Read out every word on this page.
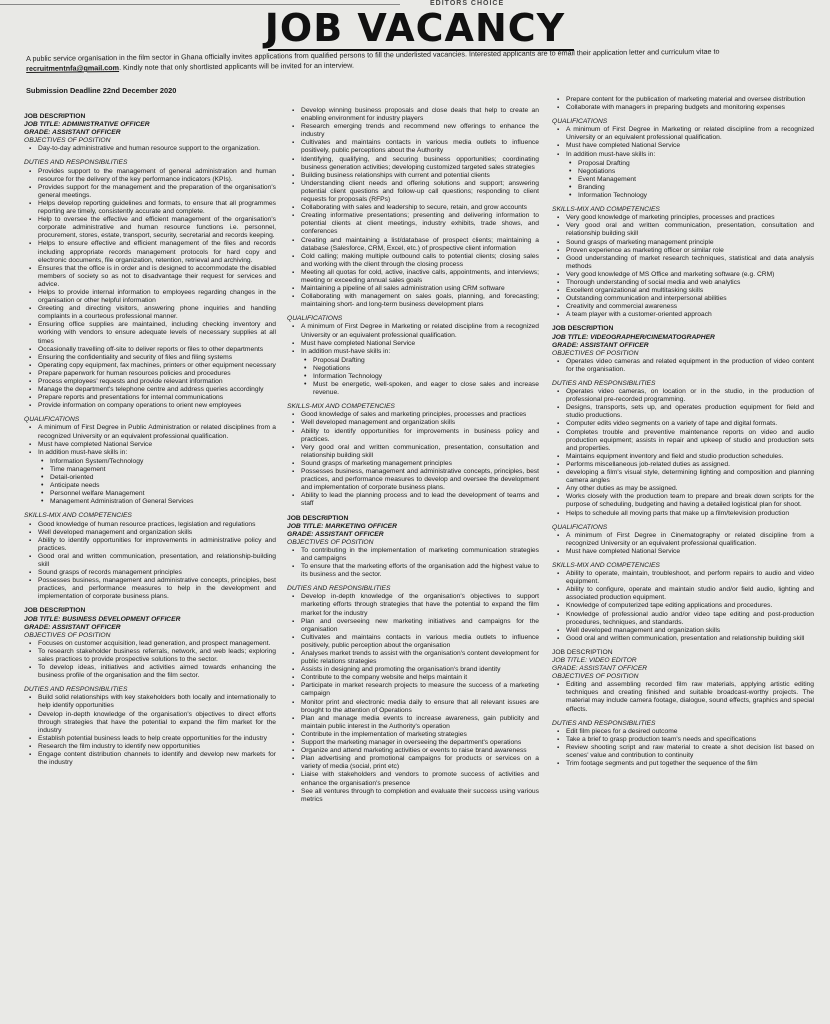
EDITORS CHOICE
JOB VACANCY
A public service organisation in the film sector in Ghana officially invites applications from qualified persons to fill the underlisted vacancies. Interested applicants are to email their application letter and curriculum vitae to recruitmentnfa@gmail.com. Kindly note that only shortlisted applicants will be invited for an interview.
Submission Deadline 22nd December 2020
JOB DESCRIPTION
JOB TITLE: ADMINISTRATIVE OFFICER
GRADE: ASSISTANT OFFICER
OBJECTIVES OF POSITION
▪ Day-to-day administrative and human resource support to the organization.
DUTIES AND RESPONSIBILITIES
▪ Provides support to the management of general administration and human resource for the delivery of the key performance indicators (KPIs).
▪ Provides support for the management and the preparation of the organisation's general meetings.
▪ Helps develop reporting guidelines and formats, to ensure that all programmes reporting are timely, consistently accurate and complete.
▪ Help to oversee the effective and efficient management of the organisation's corporate administrative and human resource functions i.e. personnel, procurement, stores, estate, transport, security, secretarial and records keeping.
▪ Helps to ensure effective and efficient management of the files and records including appropriate records management protocols for hard copy and electronic documents, file organization, retention, retrieval and archiving.
▪ Ensures that the office is in order and is designed to accommodate the disabled members of society so as not to disadvantage their request for services and advice.
▪ Helps to provide internal information to employees regarding changes in the organisation or other helpful information
▪ Greeting and directing visitors, answering phone inquiries and handling complaints in a courteous professional manner.
▪ Ensuring office supplies are maintained, including checking inventory and working with vendors to ensure adequate levels of necessary supplies at all times
▪ Occasionally travelling off-site to deliver reports or files to other departments
▪ Ensuring the confidentiality and security of files and filing systems
▪ Operating copy equipment, fax machines, printers or other equipment necessary
▪ Prepare paperwork for human resources policies and procedures
▪ Process employees' requests and provide relevant information
▪ Manage the department's telephone centre and address queries accordingly
▪ Prepare reports and presentations for internal communications
▪ Provide information on company operations to orient new employees
QUALIFICATIONS
▪ A minimum of First Degree in Public Administration or related disciplines from a recognized University or an equivalent professional qualification.
▪ Must have completed National Service
▪ In addition must-have skills in:
• Information System/Technology
• Time management
• Detail-oriented
• Anticipate needs
• Personnel welfare Management
• Management Administration of General Services
SKILLS-MIX AND COMPETENCIES
▪ Good knowledge of human resource practices, legislation and regulations
▪ Well developed management and organization skills
▪ Ability to identify opportunities for improvements in administrative policy and practices.
▪ Good oral and written communication, presentation, and relationship-building skill
▪ Sound grasps of records management principles
▪ Possesses business, management and administrative concepts, principles, best practices, and performance measures to help in the development and implementation of corporate business plans.
JOB DESCRIPTION
JOB TITLE: BUSINESS DEVELOPMENT OFFICER
GRADE: ASSISTANT OFFICER
OBJECTIVES OF POSITION
▪ Focuses on customer acquisition, lead generation, and prospect management.
▪ To research stakeholder business referrals, network, and web leads; exploring sales practices to provide prospective solutions to the sector.
▪ To develop ideas, initiatives and activities aimed towards enhancing the business profile of the organisation and the film sector.
DUTIES AND RESPONSIBILITIES
▪ Build solid relationships with key stakeholders both locally and internationally to help identify opportunities
▪ Develop in-depth knowledge of the organisation's objectives to direct efforts through strategies that have the potential to expand the film market for the industry
▪ Establish potential business leads to help create opportunities for the industry
▪ Research the film industry to identify new opportunities
▪ Engage content distribution channels to identify and develop new markets for the industry
▪ Develop winning business proposals and close deals that help to create an enabling environment for industry players
▪ Research emerging trends and recommend new offerings to enhance the industry
▪ Cultivates and maintains contacts in various media outlets to influence positively, public perceptions about the Authority
▪ Identifying, qualifying, and securing business opportunities; coordinating business generation activities; developing customized targeted sales strategies
▪ Building business relationships with current and potential clients
▪ Understanding client needs and offering solutions and support; answering potential client questions and follow-up call questions; responding to client requests for proposals (RFPs)
▪ Collaborating with sales and leadership to secure, retain, and grow accounts
▪ Creating informative presentations; presenting and delivering information to potential clients at client meetings, industry exhibits, trade shows, and conferences
▪ Creating and maintaining a list/database of prospect clients; maintaining a database (Salesforce, CRM, Excel, etc.) of prospective client information
▪ Cold calling; making multiple outbound calls to potential clients; closing sales and working with the client through the closing process
▪ Meeting all quotas for cold, active, inactive calls, appointments, and interviews; meeting or exceeding annual sales goals
▪ Maintaining a pipeline of all sales administration using CRM software
▪ Collaborating with management on sales goals, planning, and forecasting; maintaining short- and long-term business development plans
QUALIFICATIONS
▪ A minimum of First Degree in Marketing or related discipline from a recognized University or an equivalent professional qualification.
▪ Must have completed National Service
▪ In addition must-have skills in:
• Proposal Drafting
• Negotiations
• Information Technology
• Must be energetic, well-spoken, and eager to close sales and increase revenue.
SKILLS-MIX AND COMPETENCIES
▪ Good knowledge of sales and marketing principles, processes and practices
▪ Well developed management and organization skills
▪ Ability to identify opportunities for improvements in business policy and practices.
▪ Very good oral and written communication, presentation, consultation and relationship building skill
▪ Sound grasps of marketing management principles
▪ Possesses business, management and administrative concepts, principles, best practices, and performance measures to develop and oversee the development and implementation of corporate business plans.
▪ Ability to lead the planning process and to lead the development of teams and staff
JOB DESCRIPTION
JOB TITLE: MARKETING OFFICER
GRADE: ASSISTANT OFFICER
OBJECTIVES OF POSITION
▪ To contributing in the implementation of marketing communication strategies and campaigns
▪ To ensure that the marketing efforts of the organisation add the highest value to its business and the sector.
DUTIES AND RESPONSIBILITIES
▪ Develop in-depth knowledge of the organisation's objectives to support marketing efforts through strategies that have the potential to expand the film market for the industry
▪ Plan and overseeing new marketing initiatives and campaigns for the organisation
▪ Cultivates and maintains contacts in various media outlets to influence positively, public perception about the organisation
▪ Analyses market trends to assist with the organisation's content development for public relations strategies
▪ Assists in designing and promoting the organisation's brand identity
▪ Contribute to the company website and helps maintain it
▪ Participate in market research projects to measure the success of a marketing campaign
▪ Monitor print and electronic media daily to ensure that all relevant issues are brought to the attention of Operations
▪ Plan and manage media events to increase awareness, gain publicity and maintain public interest in the Authority's operation
▪ Contribute in the implementation of marketing strategies
▪ Support the marketing manager in overseeing the department's operations
▪ Organize and attend marketing activities or events to raise brand awareness
▪ Plan advertising and promotional campaigns for products or services on a variety of media (social, print etc)
▪ Liaise with stakeholders and vendors to promote success of activities and enhance the organisation's presence
▪ See all ventures through to completion and evaluate their success using various metrics
▪ Prepare content for the publication of marketing material and oversee distribution
▪ Collaborate with managers in preparing budgets and monitoring expenses
QUALIFICATIONS
▪ A minimum of First Degree in Marketing or related discipline from a recognized University or an equivalent professional qualification.
▪ Must have completed National Service
▪ In addition must-have skills in:
• Proposal Drafting
• Negotiations
• Event Management
• Branding
• Information Technology
SKILLS-MIX AND COMPETENCIES
▪ Very good knowledge of marketing principles, processes and practices
▪ Very good oral and written communication, presentation, consultation and relationship building skill
▪ Sound grasps of marketing management principle
▪ Proven experience as marketing officer or similar role
▪ Good understanding of market research techniques, statistical and data analysis methods
▪ Very good knowledge of MS Office and marketing software (e.g. CRM)
▪ Thorough understanding of social media and web analytics
▪ Excellent organizational and multitasking skills
▪ Outstanding communication and interpersonal abilities
▪ Creativity and commercial awareness
▪ A team player with a customer-oriented approach
JOB DESCRIPTION
JOB TITLE: VIDEOGRAPHER/CINEMATOGRAPHER
GRADE: ASSISTANT OFFICER
OBJECTIVES OF POSITION
▪ Operates video cameras and related equipment in the production of video content for the organisation.
DUTIES AND RESPONSIBILITIES
▪ Operates video cameras, on location or in the studio, in the production of professional pre-recorded programming.
▪ Designs, transports, sets up, and operates production equipment for field and studio productions.
▪ Computer edits video segments on a variety of tape and digital formats.
▪ Completes trouble and preventive maintenance reports on video and audio production equipment; assists in repair and upkeep of studio and production sets and properties.
▪ Maintains equipment inventory and field and studio production schedules.
▪ Performs miscellaneous job-related duties as assigned.
▪ developing a film's visual style, determining lighting and composition and planning camera angles
▪ Any other duties as may be assigned.
▪ Works closely with the production team to prepare and break down scripts for the purpose of scheduling, budgeting and having a detailed logistical plan for shoot.
▪ Helps to schedule all moving parts that make up a film/television production
QUALIFICATIONS
▪ A minimum of First Degree in Cinematography or related discipline from a recognized University or an equivalent professional qualification.
▪ Must have completed National Service
SKILLS-MIX AND COMPETENCIES
▪ Ability to operate, maintain, troubleshoot, and perform repairs to audio and video equipment.
▪ Ability to configure, operate and maintain studio and/or field audio, lighting and associated production equipment.
▪ Knowledge of computerized tape editing applications and procedures.
▪ Knowledge of professional audio and/or video tape editing and post-production procedures, techniques, and standards.
▪ Well developed management and organization skills
▪ Good oral and written communication, presentation and relationship building skill
JOB DESCRIPTION
JOB TITLE: VIDEO EDITOR
GRADE: ASSISTANT OFFICER
OBJECTIVES OF POSITION
▪ Editing and assembling recorded film raw materials, applying artistic editing techniques and creating finished and suitable broadcast-worthy projects. The material may include camera footage, dialogue, sound effects, graphics and special effects.
DUTIES AND RESPONSIBILITIES
▪ Edit film pieces for a desired outcome
▪ Take a brief to grasp production team's needs and specifications
▪ Review shooting script and raw material to create a shot decision list based on scenes' value and contribution to continuity
▪ Trim footage segments and put together the sequence of the film
